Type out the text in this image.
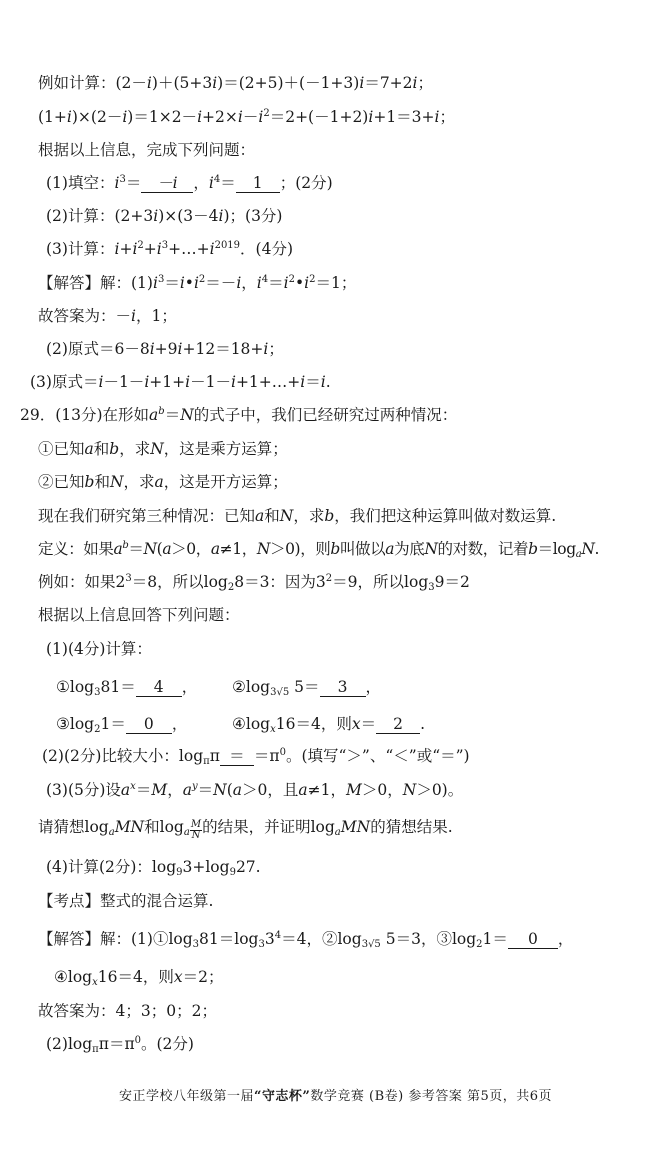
例如计算：(2－i)＋(5+3i)＝(2+5)＋(－1+3)i＝7+2i；
$(1+i)\times(2-i)=1\times 2-i+2\times i-i^2=2+(-1+2)i+1=3+i$；
根据以上信息，完成下列问题：
(1)填空：$i^3= -i$ ，$i^4= 1$ ；(2分)
(2)计算：(2+3i)×(3－4i)；(3分)
(3)计算：$i+i^2+i^3+\dots+i^{2019}$．(4分)
【解答】解：$(1)i^3=i•i^2=-i$，$i^4=i^2•i^2=1$；
故答案为：－i，1；
(2)原式＝6－8i+9i+12＝18+i；
(3)原式＝i－1－i+1+i－1－i+1+…+i＝i.
29．(13分)在形如$a^b=N$的式子中，我们已经研究过两种情况：
①已知a和b，求N，这是乘方运算；
②已知b和N，求a，这是开方运算；
现在我们研究第三种情况：已知a和N，求b，我们把这种运算叫做对数运算.
定义：如果$a^b=N(a>0$，a≠1，N＞0)，则b叫做以a为底N的对数，记着$b=\log_aN$.
例如：如果$2^3=8$，所以$\log_28=3$：因为$3^2=9$，所以$\log_39=2$
根据以上信息回答下列问题：
(1)(4分)计算：
$①\log_381= 4$ ， $②\log_{3√5}$ 5＝ 3 ，
$③\log_21= 0$ ，	$④\log_x16=4$，则x＝ 2 .
(2)(2分)比较大小：$\log_\pi\pi = =\pi^0$。(填写“＞”、“＜”或“＝”)
(3)(5分)设$a^x=M$，$a^y=N(a>0$，且a≠1，M＞0，N＞0)。
请猜想$\log_aMN$和$\log_a \frac{M}{N}$ 的结果，并证明$\log_aMN$的猜想结果.
(4)计算(2分)：$\log_93+\log_927$.
【考点】整式的混合运算.
【解答】解：$(1)①\log_381=\log_33^4=4$，$②\log_{3√5}$ 5＝3，$③\log_21= 0$ ，
$④\log_x16=4$，则x＝2；
故答案为：4；3；0；2；
$(2)\log_\pi\pi=\pi^0$。(2分)
安正学校八年级第一届“守志杯”数学竞赛 (B卷) 参考答案 第5页，共6页
